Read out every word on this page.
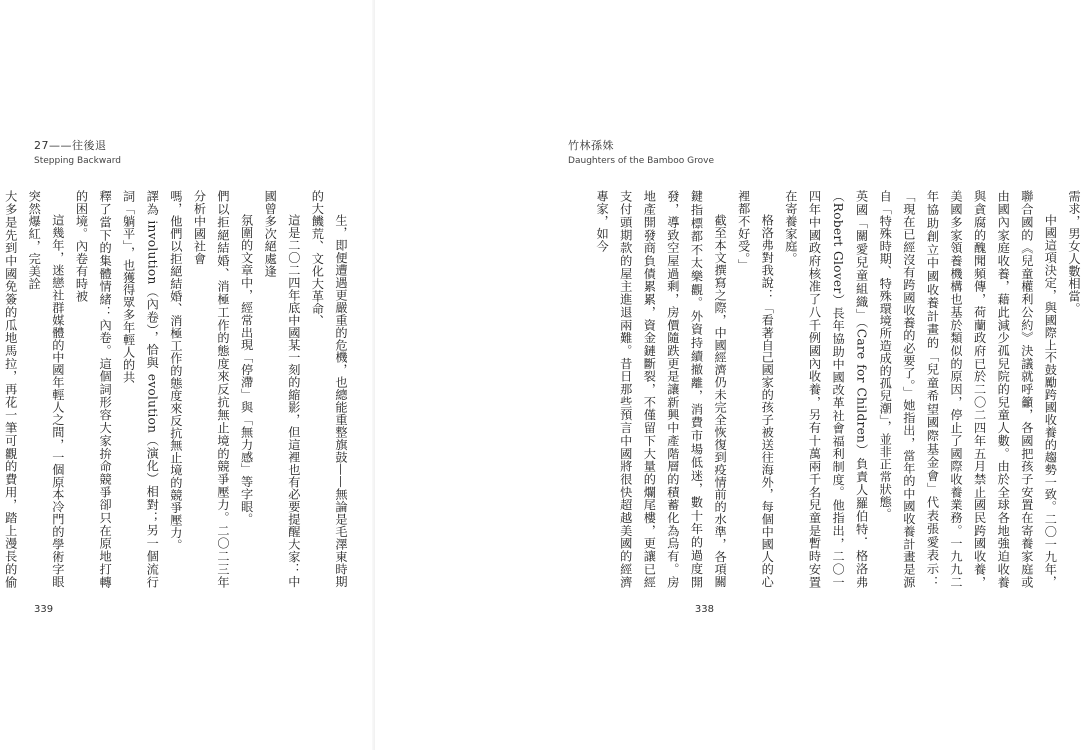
27——往後退
Stepping Backward

生，即便遭遇更嚴重的危機，也總能重整旗鼓——無論是毛澤東時期的大饑荒、文化大革命、

這是二〇二四年底中國某一刻的縮影，但這裡也有必要提醒大家：中國曾多次絕處逢

氛圍的文章中，經常出現「停滯」與「無力感」等字眼。

們以拒絕結婚、消極工作的態度來反抗無止境的競爭壓力。二〇二三年分析中國社會

嗎，他們以拒絕結婚、消極工作的態度來反抗無止境的競爭壓力。

譯為 involution（內卷），恰與 evolution（演化）相對；另一個流行詞「躺平」，也獲得眾多年輕人的共

釋了當下的集體情緒：內卷。這個詞形容大家拚命競爭卻只在原地打轉的困境。內卷有時被

這幾年，迷戀社群媒體的中國年輕人之間，一個原本冷門的學術字眼突然爆紅，完美詮

大多是先到中國免簽的瓜地馬拉，再花一筆可觀的費用，踏上漫長的偷

339
竹林孫姝
Daughters of the Bamboo Grove

需求，男女人數相當。

中國這項決定，與國際上不鼓勵跨國收養的趨勢一致。二〇一九年，聯合國的《兒童權利公約》決議就呼籲，各國把孩子安置在寄養家庭或由國內家庭收養，藉此減少孤兒院的兒童人數。由於全球各地強迫收養與貪腐的醜聞頻傳，荷蘭政府已於二〇二四年五月禁止國民跨國收養，美國多家領養機構也基於類似的原因，停止了國際收養業務。一九九二年協助創立中國收養計畫的「兒童希望國際基金會」代表張愛表示：「現在已經沒有跨國收養的必要了。」她指出，當年的中國收養計畫是源自「特殊時期、特殊環境所造成的孤兒潮」，並非正常狀態。

英國「關愛兒童組織」（Care for Children）負責人羅伯特．格洛弗（Robert Glover）長年協助中國改革社會福利制度。他指出，二〇一四年中國政府核准了八千例國內收養，另有十萬兩千名兒童是暫時安置在寄養家庭。

格洛弗對我說：「看著自己國家的孩子被送往海外，每個中國人的心裡都不好受。」

截至本文撰寫之際，中國經濟仍未完全恢復到疫情前的水準，各項關鍵指標都不太樂觀。外資持續撤離，消費市場低迷，數十年的過度開發，導致空屋過剩，房價隨跌更是讓新興中產階層的積蓄化為烏有。房地產開發商負債累累，資金鏈斷裂，不僅留下大量的爛尾樓，更讓已經支付頭期款的屋主進退兩難。昔日那些預言中國將很快超越美國的經濟專家，如今

338
